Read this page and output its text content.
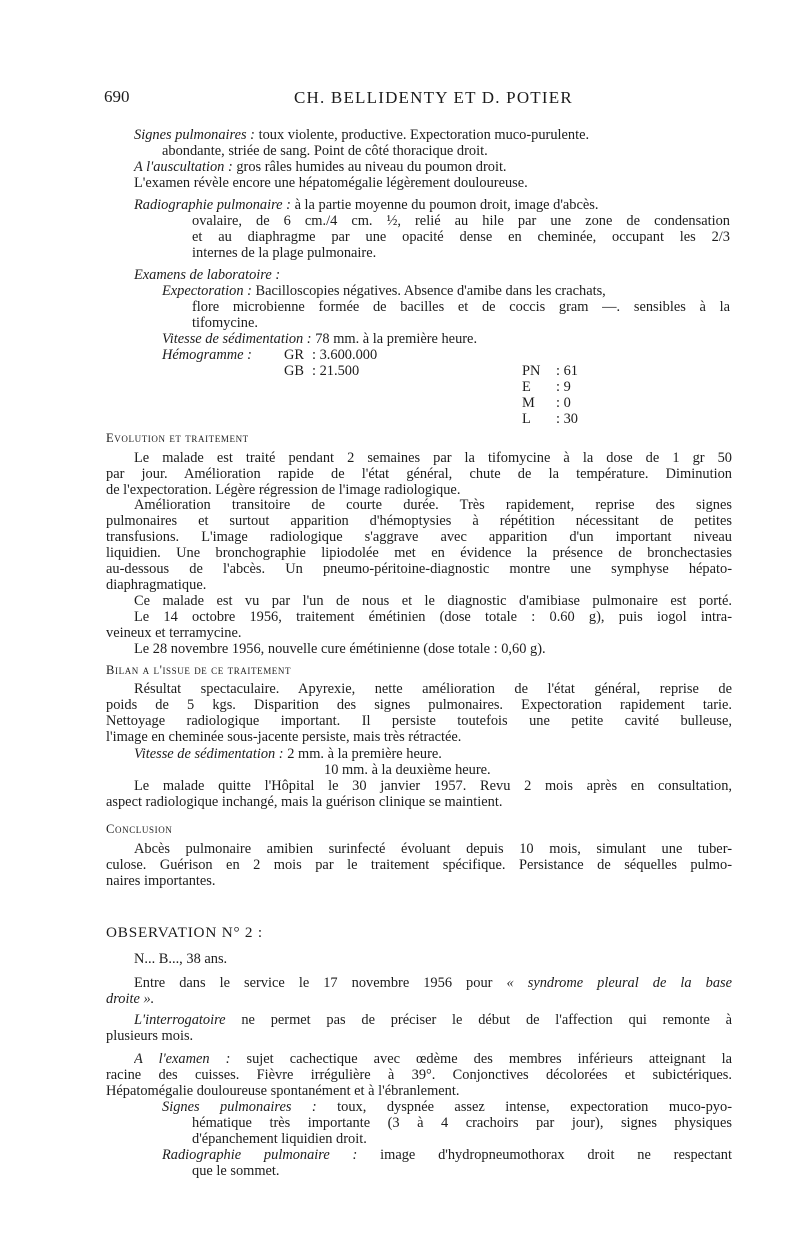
690	CH. BELLIDENTY ET D. POTIER
Signes pulmonaires : toux violente, productive. Expectoration muco-purulente.
abondante, striée de sang. Point de côté thoracique droit.
A l'auscultation : gros râles humides au niveau du poumon droit.
L'examen révèle encore une hépatomégalie légèrement douloureuse.
Radiographie pulmonaire : à la partie moyenne du poumon droit, image d'abcès.
ovalaire, de 6 cm./4 cm. ½, relié au hile par une zone de condensation
et au diaphragme par une opacité dense en cheminée, occupant les 2/3
internes de la plage pulmonaire.
Examens de laboratoire :
Expectoration : Bacilloscopies négatives. Absence d'amibe dans les crachats,
flore microbienne formée de bacilles et de coccis gram —. sensibles à la
tifomycine.
Vitesse de sédimentation : 78 mm. à la première heure.
Hémogramme : GR : 3.600.000
GB : 21.500	PN : 61
E : 9
M : 0
L : 30
Evolution et traitement
Le malade est traité pendant 2 semaines par la tifomycine à la dose de 1 gr 50
par jour. Amélioration rapide de l'état général, chute de la température. Diminution
de l'expectoration. Légère régression de l'image radiologique.
Amélioration transitoire de courte durée. Très rapidement, reprise des signes
pulmonaires et surtout apparition d'hémoptysies à répétition nécessitant de petites
transfusions. L'image radiologique s'aggrave avec apparition d'un important niveau
liquidien. Une bronchographie lipiodolée met en évidence la présence de bronchectasies
au-dessous de l'abcès. Un pneumo-péritoine-diagnostic montre une symphyse hépato-
diaphragmatique.
Ce malade est vu par l'un de nous et le diagnostic d'amibiase pulmonaire est porté.
Le 14 octobre 1956, traitement émétinien (dose totale : 0.60 g), puis iogol intra-
veineux et terramycine.
Le 28 novembre 1956, nouvelle cure émétinienne (dose totale : 0,60 g).
Bilan a l'issue de ce traitement
Résultat spectaculaire. Apyrexie, nette amélioration de l'état général, reprise de
poids de 5 kgs. Disparition des signes pulmonaires. Expectoration rapidement tarie.
Nettoyage radiologique important. Il persiste toutefois une petite cavité bulleuse,
l'image en cheminée sous-jacente persiste, mais très rétractée.
Vitesse de sédimentation : 2 mm. à la première heure.
10 mm. à la deuxième heure.
Le malade quitte l'Hôpital le 30 janvier 1957. Revu 2 mois après en consultation,
aspect radiologique inchangé, mais la guérison clinique se maintient.
Conclusion
Abcès pulmonaire amibien surinfecté évoluant depuis 10 mois, simulant une tuber-
culose. Guérison en 2 mois par le traitement spécifique. Persistance de séquelles pulmo-
naires importantes.
OBSERVATION N° 2 :
N... B..., 38 ans.
Entre dans le service le 17 novembre 1956 pour « syndrome pleural de la base
droite ».
L'interrogatoire ne permet pas de préciser le début de l'affection qui remonte à
plusieurs mois.
A l'examen : sujet cachectique avec œdème des membres inférieurs atteignant la
racine des cuisses. Fièvre irrégulière à 39°. Conjonctives décolorées et subictériques.
Hépatomégalie douloureuse spontanément et à l'ébranlement.
Signes pulmonaires : toux, dyspnée assez intense, expectoration muco-pyo-
hématique très importante (3 à 4 crachoirs par jour), signes physiques
d'épanchement liquidien droit.
Radiographie pulmonaire : image d'hydropneumothorax droit ne respectant
que le sommet.
